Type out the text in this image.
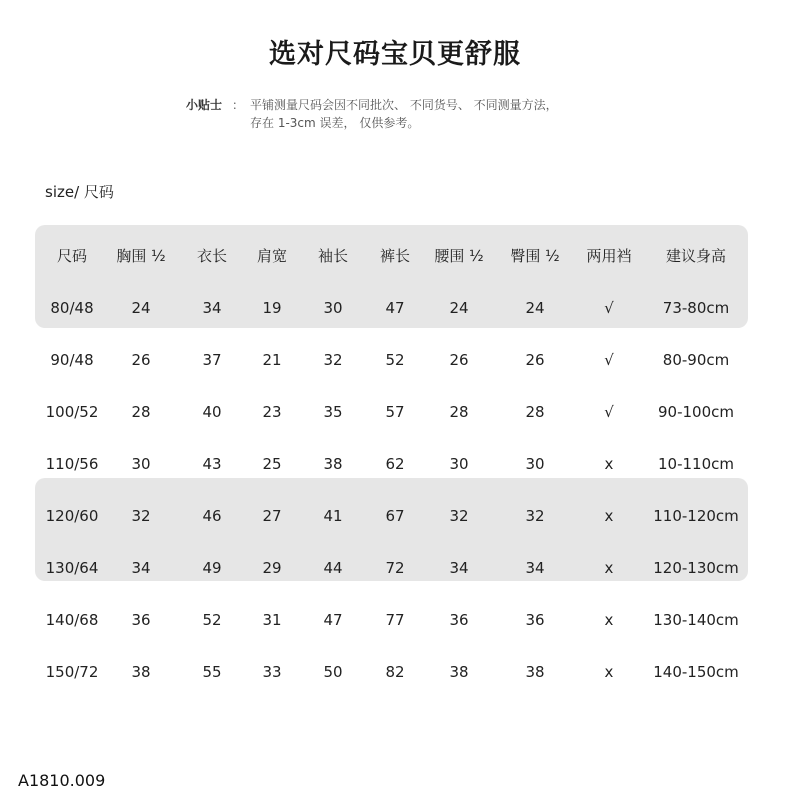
选对尺码宝贝更舒服
小贴士 ： 平铺测量尺码会因不同批次、 不同货号、 不同测量方法，
存在 1-3cm 误差， 仅供参考。
size/ 尺码
尺码 胸围 ½ 衣长 肩宽 袖长 裤长 腰围 ½ 臀围 ½ 两用裆 建议身高
80/48	24	34	19	30	47	24	24	√	73-80cm
90/48	26	37	21	32	52	26	26	√	80-90cm
100/52 28	40	23	35	57	28	28	√	90-100cm
110/56 30	43	25	38	62	30	30	x	10-110cm
120/60 32	46	27	41	67	32	32	x	110-120cm
130/64 34	49	29	44	72	34	34	x	120-130cm
140/68 36	52	31	47	77	36	36	x	130-140cm
150/72 38	55	33	50	82	38	38	x	140-150cm
A1810.009
